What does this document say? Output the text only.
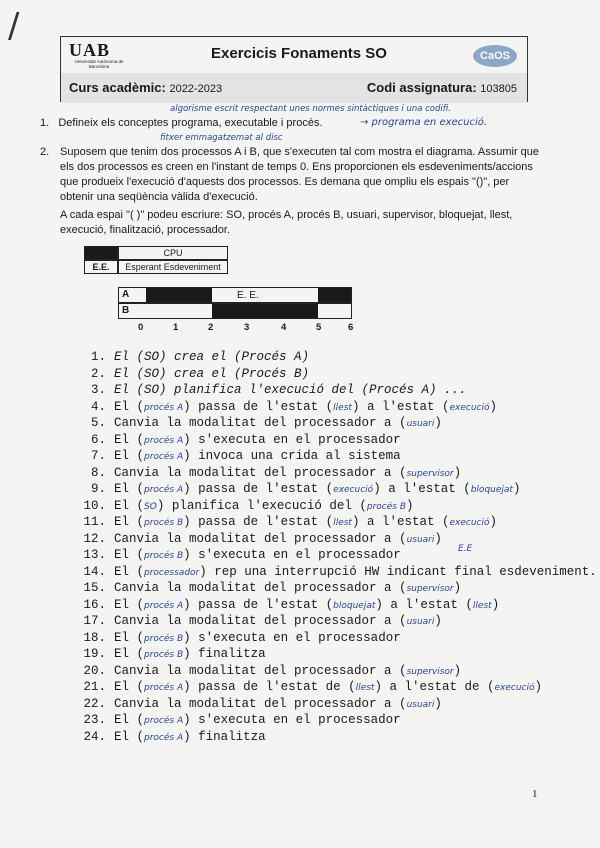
/
UAB
Universitat Autònoma de Barcelona
Exercicis Fonaments SO	CaOS
Curs acadèmic: 2022-2023	Codi assignatura: 103805
algorisme escrit respectant unes normes sintàctiques i una codifi.
1. Defineix els conceptes programa, executable i procés.	→ programa en execució.
fitxer emmagatzemat al disc
2. Suposem que tenim dos processos A i B, que s'executen tal com mostra el diagrama. Assumir que els dos processos es creen en l'instant de temps 0. Ens proporcionen els esdeveniments/accions que produeix l'execució d'aquests dos processos. Es demana que ompliu els espais "()", per obtenir una seqüència vàlida d'execució.
A cada espai "( )" podeu escriure: SO, procés A, procés B, usuari, supervisor, bloquejat, llest, execució, finalització, processador.
CPU
E.E.	Esperant Esdeveniment
A	E. E.
B
0	1	2	3	4	5	6
1. El (SO) crea el (Procés A)
2. El (SO) crea el (Procés B)
3. El (SO) planifica l'execució del (Procés A) ...
4. El (procés A) passa de l'estat (llest) a l'estat (execució)
5. Canvia la modalitat del processador a (usuari)
6. El (procés A) s'executa en el processador
7. El (procés A) invoca una crida al sistema
8. Canvia la modalitat del processador a (supervisor)
9. El (procés A) passa de l'estat (execució) a l'estat (bloquejat)
10. El (SO) planifica l'execució del (procés B)
11. El (procés B) passa de l'estat (llest) a l'estat (execució)
12. Canvia la modalitat del processador a (usuari)
13. El (procés B) s'executa en el processador
14. El (processador) rep una interrupció HW indicant final esdeveniment.
15. Canvia la modalitat del processador a (supervisor)
16. El (procés A) passa de l'estat (bloquejat) a l'estat (llest)
17. Canvia la modalitat del processador a (usuari)
18. El (procés B) s'executa en el processador
19. El (procés B) finalitza
20. Canvia la modalitat del processador a (supervisor)
21. El (procés A) passa de l'estat de (llest) a l'estat de (execució)
22. Canvia la modalitat del processador a (usuari)
23. El (procés A) s'executa en el processador
24. El (procés A) finalitza
E.E
1
